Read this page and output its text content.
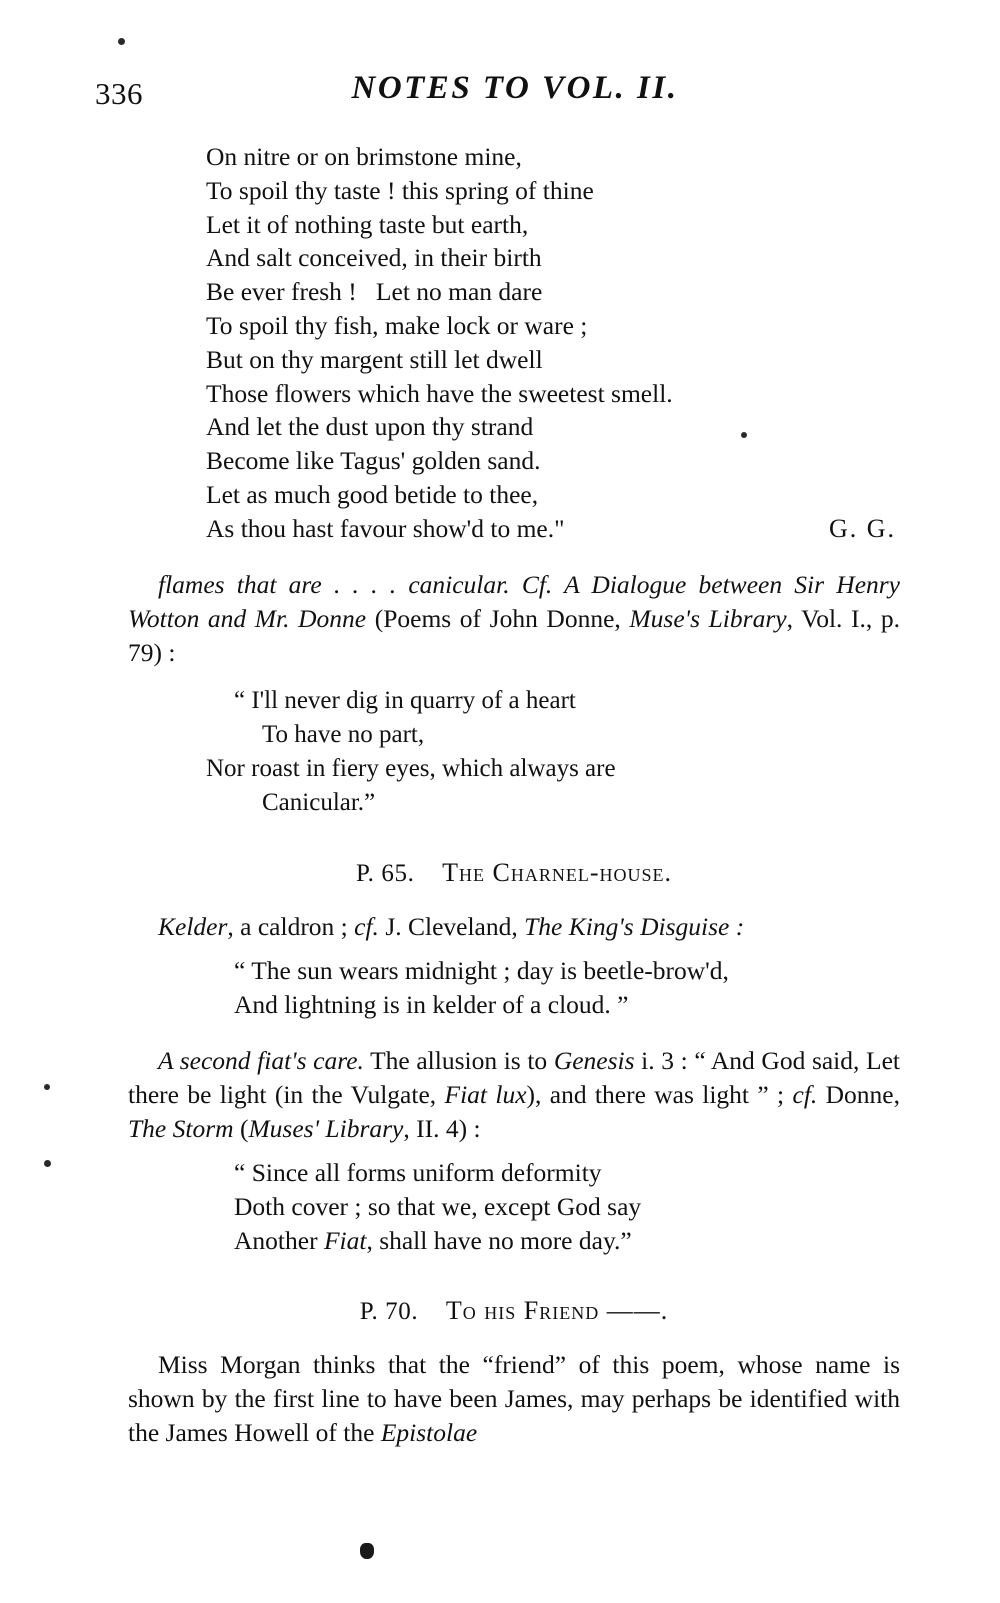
336	NOTES TO VOL. II.
On nitre or on brimstone mine,
To spoil thy taste ! this spring of thine
Let it of nothing taste but earth,
And salt conceived, in their birth
Be ever fresh !   Let no man dare
To spoil thy fish, make lock or ware ;
But on thy margent still let dwell
Those flowers which have the sweetest smell.
And let the dust upon thy strand
Become like Tagus' golden sand.
Let as much good betide to thee,
As thou hast favour show'd to me."	G. G.
flames that are . . . . canicular. Cf. A Dialogue between Sir Henry Wotton and Mr. Donne (Poems of John Donne, Muse's Library, Vol. I., p. 79) :
“ I'll never dig in quarry of a heart
To have no part,
Nor roast in fiery eyes, which always are
Canicular.”
P. 65. The Charnel-house.
Kelder, a caldron ; cf. J. Cleveland, The King's Disguise :
“ The sun wears midnight ; day is beetle-brow'd,
And lightning is in kelder of a cloud. ”
A second fiat's care. The allusion is to Genesis i. 3 : “ And God said, Let there be light (in the Vulgate, Fiat lux), and there was light ” ; cf. Donne, The Storm (Muses' Library, II. 4) :
“ Since all forms uniform deformity
Doth cover ; so that we, except God say
Another Fiat, shall have no more day.”
P. 70. To his Friend ——.
Miss Morgan thinks that the “friend” of this poem, whose name is shown by the first line to have been James, may perhaps be identified with the James Howell of the Epistolae
